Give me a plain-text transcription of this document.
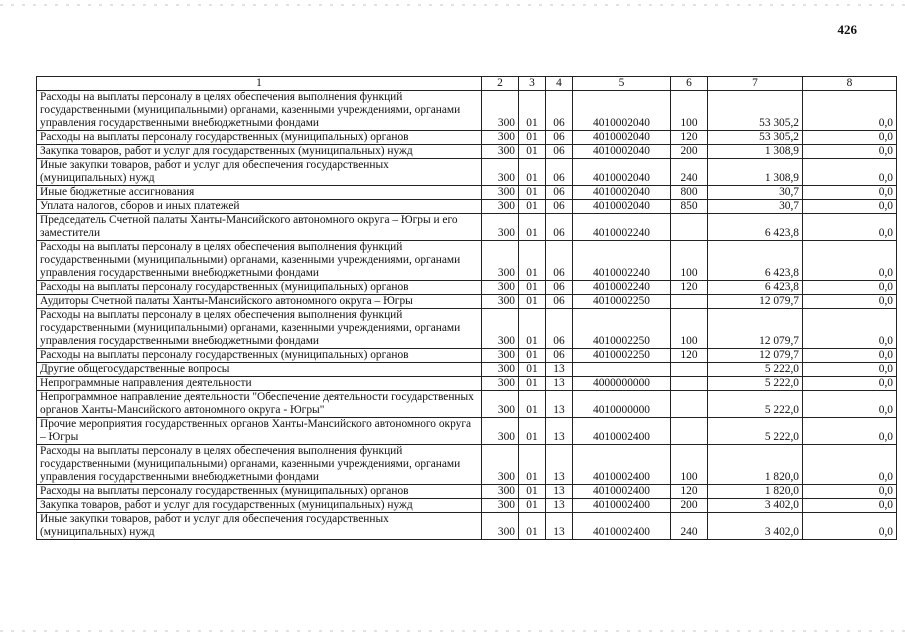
426
1	2	3	4	5	6	7	8
Расходы на выплаты персоналу в целях обеспечения выполнения функций государственными (муниципальными) органами, казенными учреждениями, органами управления государственными внебюджетными фондами	300	01	06	4010002040	100	53 305,2	0,0
Расходы на выплаты персоналу государственных (муниципальных) органов	300	01	06	4010002040	120	53 305,2	0,0
Закупка товаров, работ и услуг для государственных (муниципальных) нужд	300	01	06	4010002040	200	1 308,9	0,0
Иные закупки товаров, работ и услуг для обеспечения государственных (муниципальных) нужд	300	01	06	4010002040	240	1 308,9	0,0
Иные бюджетные ассигнования	300	01	06	4010002040	800	30,7	0,0
Уплата налогов, сборов и иных платежей	300	01	06	4010002040	850	30,7	0,0
Председатель Счетной палаты Ханты-Мансийского автономного округа – Югры и его заместители	300	01	06	4010002240		6 423,8	0,0
Расходы на выплаты персоналу в целях обеспечения выполнения функций государственными (муниципальными) органами, казенными учреждениями, органами управления государственными внебюджетными фондами	300	01	06	4010002240	100	6 423,8	0,0
Расходы на выплаты персоналу государственных (муниципальных) органов	300	01	06	4010002240	120	6 423,8	0,0
Аудиторы Счетной палаты Ханты-Мансийского автономного округа – Югры	300	01	06	4010002250		12 079,7	0,0
Расходы на выплаты персоналу в целях обеспечения выполнения функций государственными (муниципальными) органами, казенными учреждениями, органами управления государственными внебюджетными фондами	300	01	06	4010002250	100	12 079,7	0,0
Расходы на выплаты персоналу государственных (муниципальных) органов	300	01	06	4010002250	120	12 079,7	0,0
Другие общегосударственные вопросы	300	01	13			5 222,0	0,0
Непрограммные направления деятельности	300	01	13	4000000000		5 222,0	0,0
Непрограммное направление деятельности "Обеспечение деятельности государственных органов Ханты-Мансийского автономного округа - Югры"	300	01	13	4010000000		5 222,0	0,0
Прочие мероприятия государственных органов Ханты-Мансийского автономного округа – Югры	300	01	13	4010002400		5 222,0	0,0
Расходы на выплаты персоналу в целях обеспечения выполнения функций государственными (муниципальными) органами, казенными учреждениями, органами управления государственными внебюджетными фондами	300	01	13	4010002400	100	1 820,0	0,0
Расходы на выплаты персоналу государственных (муниципальных) органов	300	01	13	4010002400	120	1 820,0	0,0
Закупка товаров, работ и услуг для государственных (муниципальных) нужд	300	01	13	4010002400	200	3 402,0	0,0
Иные закупки товаров, работ и услуг для обеспечения государственных (муниципальных) нужд	300	01	13	4010002400	240	3 402,0	0,0
